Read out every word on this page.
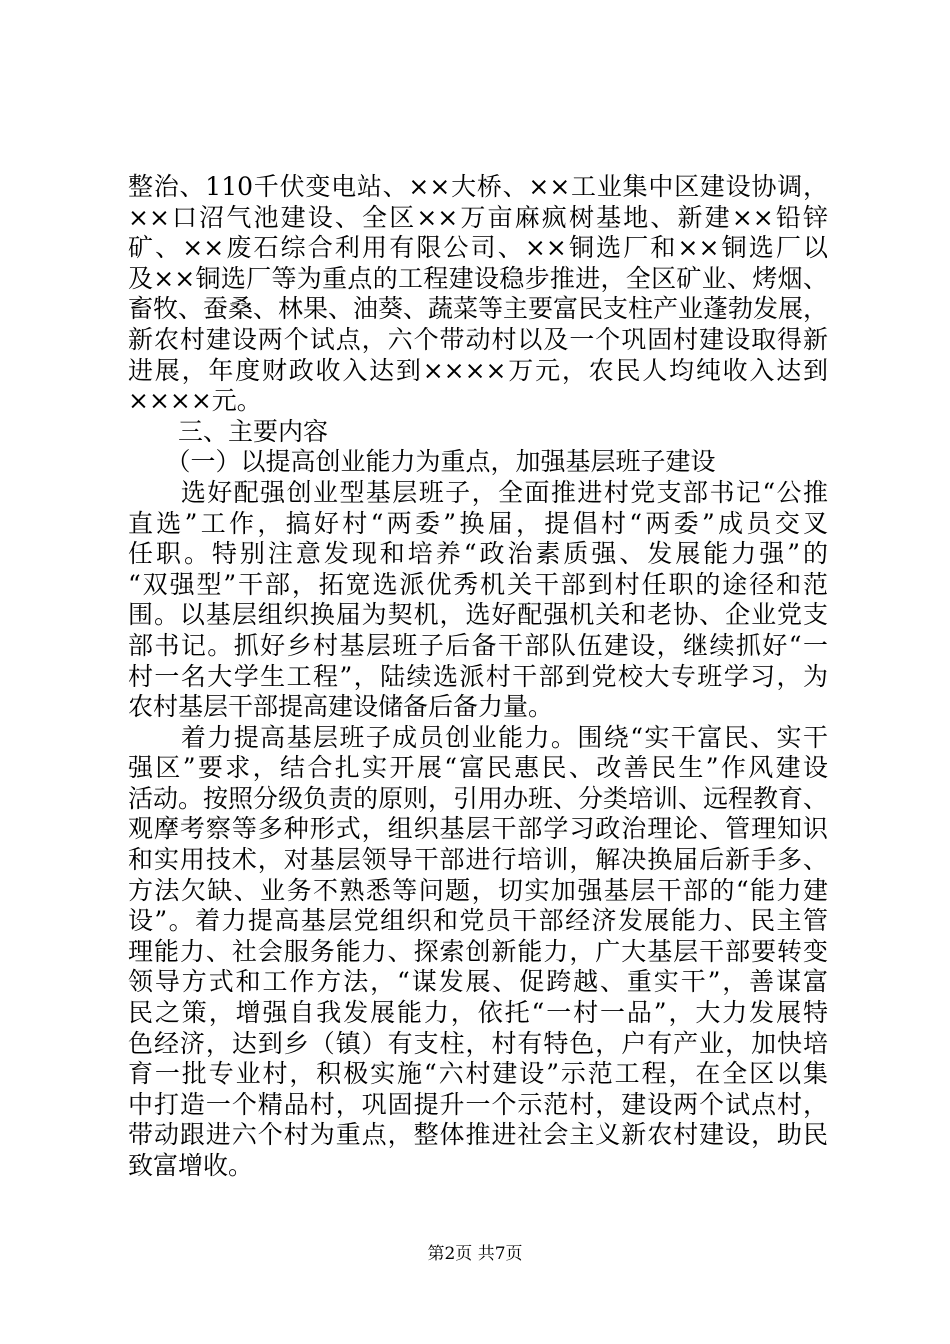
整治、110千伏变电站、××大桥、××工业集中区建设协调，
××口沼气池建设、全区××万亩麻疯树基地、新建××铅锌
矿、××废石综合利用有限公司、××铜选厂和××铜选厂以
及××铜选厂等为重点的工程建设稳步推进，全区矿业、烤烟、
畜牧、蚕桑、林果、油葵、蔬菜等主要富民支柱产业蓬勃发展，
新农村建设两个试点，六个带动村以及一个巩固村建设取得新
进展，年度财政收入达到××××万元，农民人均纯收入达到
××××元。
　　三、主要内容
　　（一）以提高创业能力为重点，加强基层班子建设
　　选好配强创业型基层班子，全面推进村党支部书记“公推
直选”工作，搞好村“两委”换届，提倡村“两委”成员交叉
任职。特别注意发现和培养“政治素质强、发展能力强”的
“双强型”干部，拓宽选派优秀机关干部到村任职的途径和范
围。以基层组织换届为契机，选好配强机关和老协、企业党支
部书记。抓好乡村基层班子后备干部队伍建设，继续抓好“一
村一名大学生工程”，陆续选派村干部到党校大专班学习，为
农村基层干部提高建设储备后备力量。
　　着力提高基层班子成员创业能力。围绕“实干富民、实干
强区”要求，结合扎实开展“富民惠民、改善民生”作风建设
活动。按照分级负责的原则，引用办班、分类培训、远程教育、
观摩考察等多种形式，组织基层干部学习政治理论、管理知识
和实用技术，对基层领导干部进行培训，解决换届后新手多、
方法欠缺、业务不熟悉等问题，切实加强基层干部的“能力建
设”。着力提高基层党组织和党员干部经济发展能力、民主管
理能力、社会服务能力、探索创新能力，广大基层干部要转变
领导方式和工作方法，“谋发展、促跨越、重实干”，善谋富
民之策，增强自我发展能力，依托“一村一品”，大力发展特
色经济，达到乡（镇）有支柱，村有特色，户有产业，加快培
育一批专业村，积极实施“六村建设”示范工程，在全区以集
中打造一个精品村，巩固提升一个示范村，建设两个试点村，
带动跟进六个村为重点，整体推进社会主义新农村建设，助民
致富增收。
第2页 共7页
